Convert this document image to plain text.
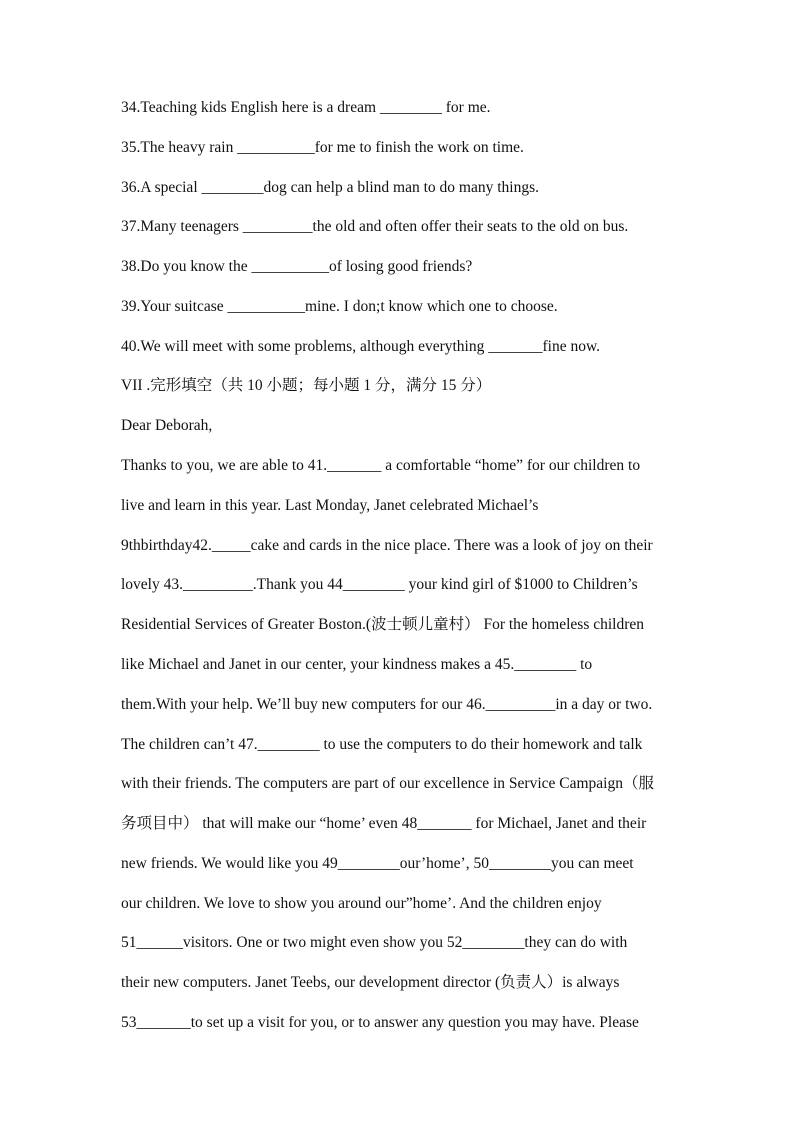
34.Teaching kids English here is a dream ________ for me.
35.The heavy rain __________for me to finish the work on time.
36.A special ________dog can help a blind man to do many things.
37.Many teenagers _________the old and often offer their seats to the old on bus.
38.Do you know the __________of losing good friends?
39.Your suitcase __________mine. I don;t know which one to choose.
40.We will meet with some problems, although everything _______fine now.
VII .完形填空（共 10 小题；每小题 1 分，满分 15 分）
Dear Deborah,
Thanks to you, we are able to 41._______ a comfortable “home” for our children to
live and learn in this year. Last Monday, Janet celebrated Michael’s
9thbirthday42._____cake and cards in the nice place. There was a look of joy on their
lovely 43._________.Thank you 44________ your kind girl of $1000 to Children’s
Residential Services of Greater Boston.(波士顿儿童村） For the homeless children
like Michael and Janet in our center, your kindness makes a 45.________ to
them.With your help. We’ll buy new computers for our 46._________in a day or two.
The children can’t 47.________ to use the computers to do their homework and talk
with their friends. The computers are part of our excellence in Service Campaign（服
务项目中） that will make our “home’ even 48_______ for Michael, Janet and their
new friends. We would like you 49________our’home’, 50________you can meet
our children. We love to show you around our”home’. And the children enjoy
51______visitors. One or two might even show you 52________they can do with
their new computers. Janet Teebs, our development director (负责人）is always
53_______to set up a visit for you, or to answer any question you may have. Please
